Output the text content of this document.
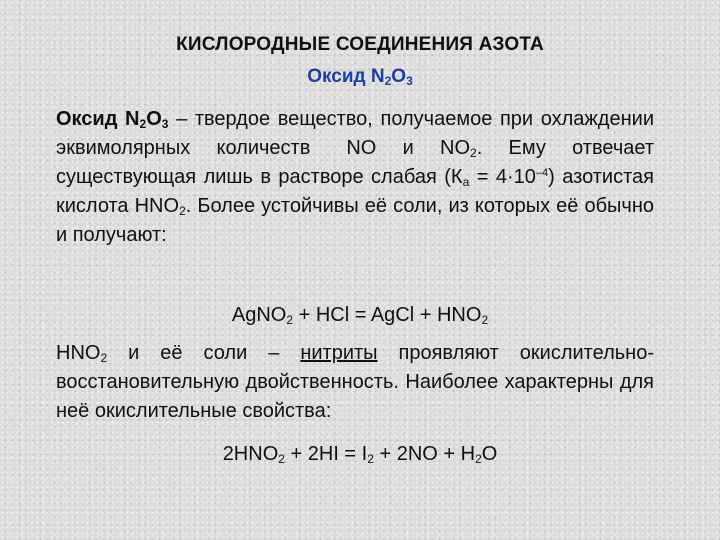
КИСЛОРОДНЫЕ СОЕДИНЕНИЯ АЗОТА
Оксид $N_2O_3$
Оксид $N_2O_3$ – твердое вещество, получаемое при охлаждении эквимолярных количеств NO и $NO_2$. Ему отвечает существующая лишь в растворе слабая $(К_а = 4\cdot 10^{-4})$ азотистая кислота $HNO_2$. Более устойчивы её соли, из которых её обычно и получают:
AgNO$_2$ + HCl = AgCl + $HNO_2$
$HNO_2$ и её соли – нитриты проявляют окислительно-восстановительную двойственность. Наиболее характерны для неё окислительные свойства:
$2HNO_2 + 2HI = I_2 + 2NO + H_2O$
